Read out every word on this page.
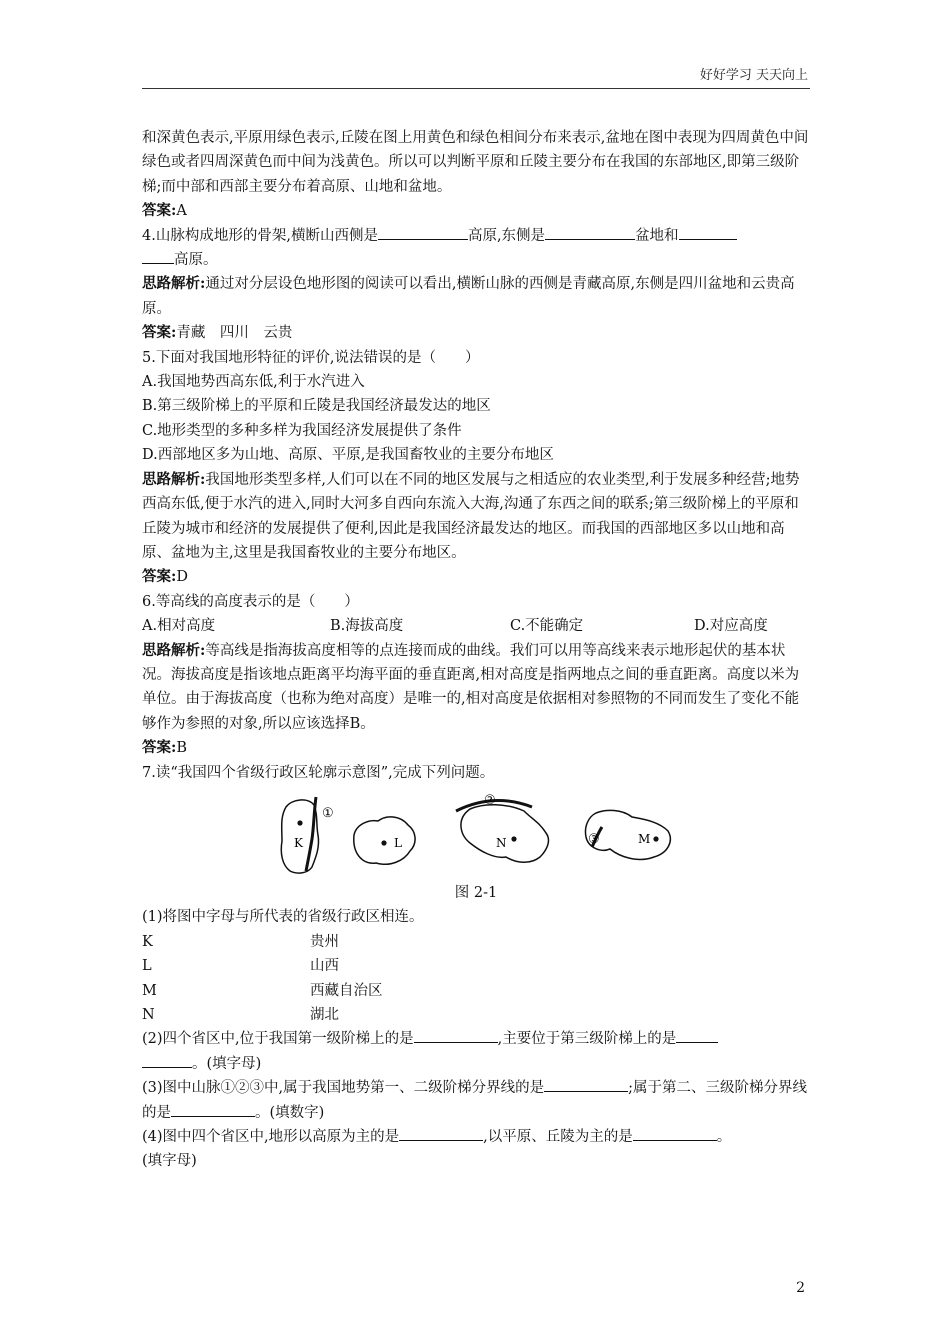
好好学习 天天向上

和深黄色表示,平原用绿色表示,丘陵在图上用黄色和绿色相间分布来表示,盆地在图中表现为四周黄色中间绿色或者四周深黄色而中间为浅黄色。所以可以判断平原和丘陵主要分布在我国的东部地区,即第三级阶梯;而中部和西部主要分布着高原、山地和盆地。

答案:A

4.山脉构成地形的骨架,横断山西侧是	高原,东侧是	盆地和
高原。

思路解析:通过对分层设色地形图的阅读可以看出,横断山脉的西侧是青藏高原,东侧是四川盆地和云贵高原。

答案:青藏　四川　云贵

5.下面对我国地形特征的评价,说法错误的是（　　）

A.我国地势西高东低,利于水汽进入

B.第三级阶梯上的平原和丘陵是我国经济最发达的地区

C.地形类型的多种多样为我国经济发展提供了条件

D.西部地区多为山地、高原、平原,是我国畜牧业的主要分布地区

思路解析:我国地形类型多样,人们可以在不同的地区发展与之相适应的农业类型,利于发展多种经营;地势西高东低,便于水汽的进入,同时大河多自西向东流入大海,沟通了东西之间的联系;第三级阶梯上的平原和丘陵为城市和经济的发展提供了便利,因此是我国经济最发达的地区。而我国的西部地区多以山地和高原、盆地为主,这里是我国畜牧业的主要分布地区。

答案:D

6.等高线的高度表示的是（　　）

A.相对高度	B.海拔高度	C.不能确定	D.对应高度

思路解析:等高线是指海拔高度相等的点连接而成的曲线。我们可以用等高线来表示地形起伏的基本状况。海拔高度是指该地点距离平均海平面的垂直距离,相对高度是指两地点之间的垂直距离。高度以米为单位。由于海拔高度（也称为绝对高度）是唯一的,相对高度是依据相对参照物的不同而发生了变化不能够作为参照的对象,所以应该选择B。

答案:B

7.读“我国四个省级行政区轮廓示意图”,完成下列问题。

K
①
L	N
②
M
③
图 2-1

(1)将图中字母与所代表的省级行政区相连。

K	贵州
L	山西
M	西藏自治区
N	湖北

(2)四个省区中,位于我国第一级阶梯上的是	,主要位于第三级阶梯上的是
。(填字母)

(3)图中山脉①②③中,属于我国地势第一、二级阶梯分界线的是	;属于第二、三级阶梯分界线的是	。(填数字)

(4)图中四个省区中,地形以高原为主的是	,以平原、丘陵为主的是	。
(填字母)

2
